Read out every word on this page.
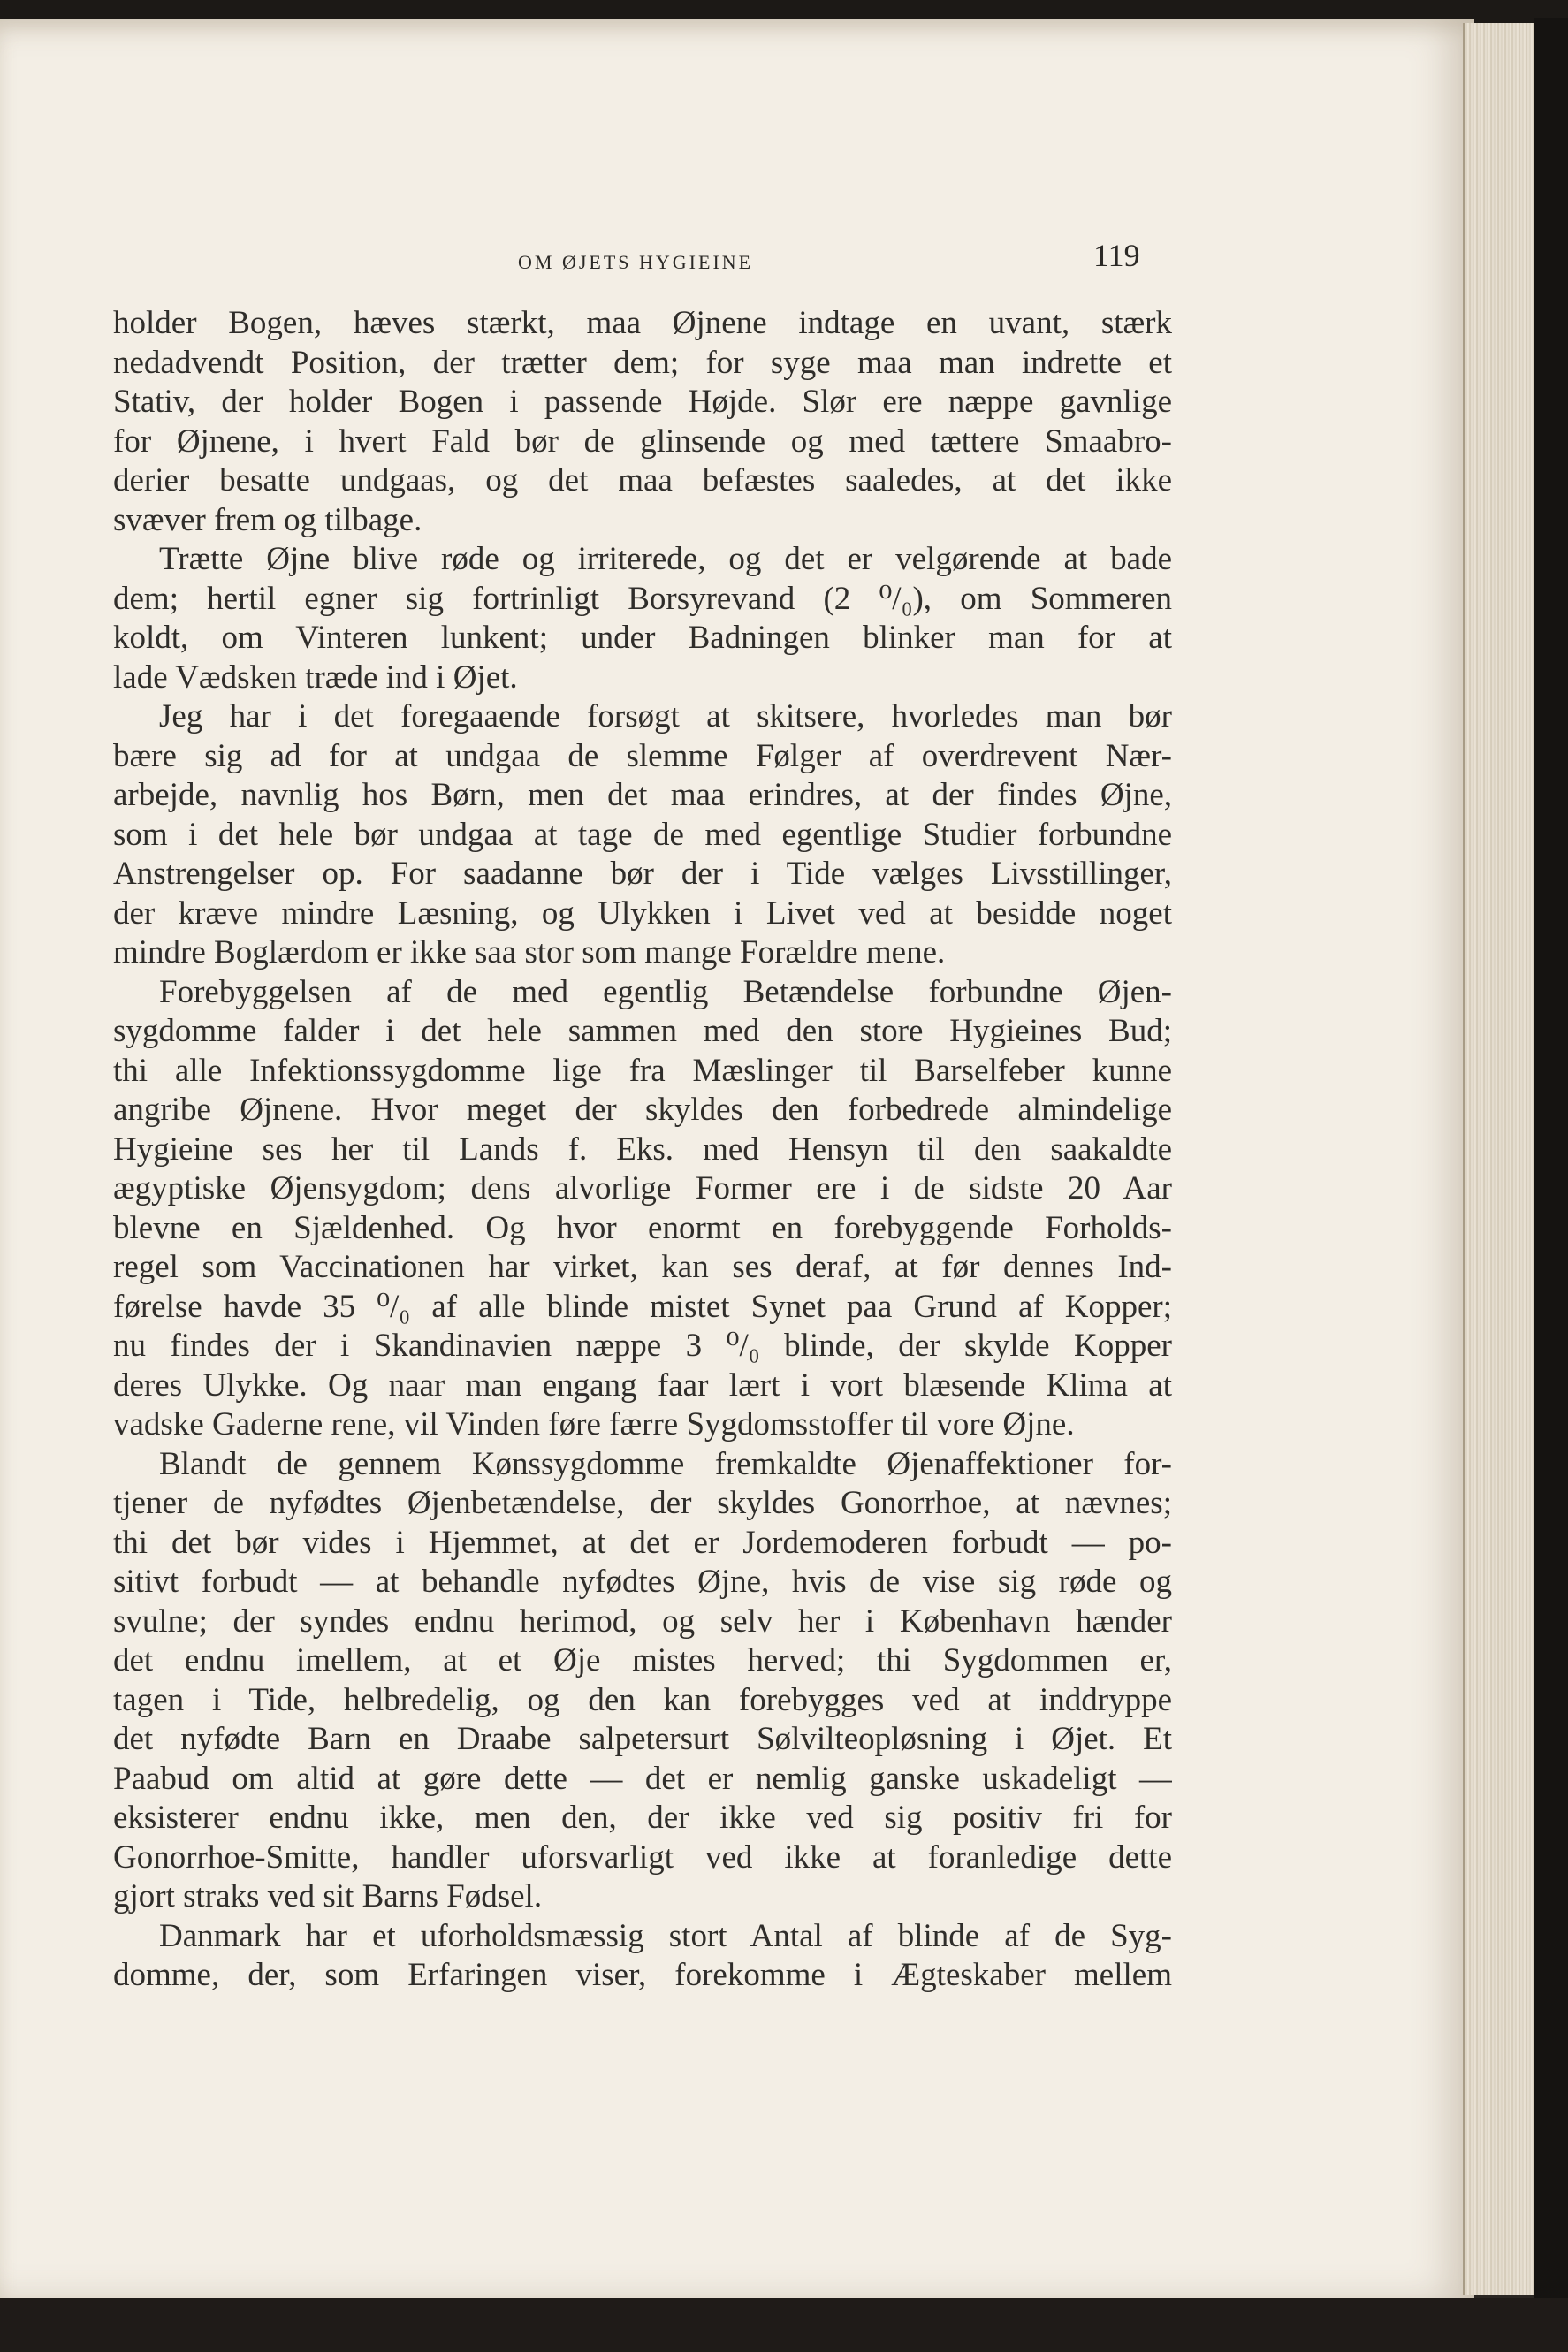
OM ØJETS HYGIEINE	119
holder Bogen, hæves stærkt, maa Øjnene indtage en uvant, stærk
nedadvendt Position, der trætter dem; for syge maa man indrette et
Stativ, der holder Bogen i passende Højde. Slør ere næppe gavnlige
for Øjnene, i hvert Fald bør de glinsende og med tættere Smaabro-
derier besatte undgaas, og det maa befæstes saaledes, at det ikke
svæver frem og tilbage.
Trætte Øjne blive røde og irriterede, og det er velgørende at bade
dem; hertil egner sig fortrinligt Borsyrevand (2 ⁰/₀), om Sommeren
koldt, om Vinteren lunkent; under Badningen blinker man for at
lade Vædsken træde ind i Øjet.
Jeg har i det foregaaende forsøgt at skitsere, hvorledes man bør
bære sig ad for at undgaa de slemme Følger af overdrevent Nær-
arbejde, navnlig hos Børn, men det maa erindres, at der findes Øjne,
som i det hele bør undgaa at tage de med egentlige Studier forbundne
Anstrengelser op. For saadanne bør der i Tide vælges Livsstillinger,
der kræve mindre Læsning, og Ulykken i Livet ved at besidde noget
mindre Boglærdom er ikke saa stor som mange Forældre mene.
Forebyggelsen af de med egentlig Betændelse forbundne Øjen-
sygdomme falder i det hele sammen med den store Hygieines Bud;
thi alle Infektionssygdomme lige fra Mæslinger til Barselfeber kunne
angribe Øjnene. Hvor meget der skyldes den forbedrede almindelige
Hygieine ses her til Lands f. Eks. med Hensyn til den saakaldte
ægyptiske Øjensygdom; dens alvorlige Former ere i de sidste 20 Aar
blevne en Sjældenhed. Og hvor enormt en forebyggende Forholds-
regel som Vaccinationen har virket, kan ses deraf, at før dennes Ind-
førelse havde 35 ⁰/₀ af alle blinde mistet Synet paa Grund af Kopper;
nu findes der i Skandinavien næppe 3 ⁰/₀ blinde, der skylde Kopper
deres Ulykke. Og naar man engang faar lært i vort blæsende Klima at
vadske Gaderne rene, vil Vinden føre færre Sygdomsstoffer til vore Øjne.
Blandt de gennem Kønssygdomme fremkaldte Øjenaffektioner for-
tjener de nyfødtes Øjenbetændelse, der skyldes Gonorrhoe, at nævnes;
thi det bør vides i Hjemmet, at det er Jordemoderen forbudt — po-
sitivt forbudt — at behandle nyfødtes Øjne, hvis de vise sig røde og
svulne; der syndes endnu herimod, og selv her i København hænder
det endnu imellem, at et Øje mistes herved; thi Sygdommen er,
tagen i Tide, helbredelig, og den kan forebygges ved at inddryppe
det nyfødte Barn en Draabe salpetersurt Sølvilteopløsning i Øjet. Et
Paabud om altid at gøre dette — det er nemlig ganske uskadeligt —
eksisterer endnu ikke, men den, der ikke ved sig positiv fri for
Gonorrhoe-Smitte, handler uforsvarligt ved ikke at foranledige dette
gjort straks ved sit Barns Fødsel.
Danmark har et uforholdsmæssig stort Antal af blinde af de Syg-
domme, der, som Erfaringen viser, forekomme i Ægteskaber mellem
